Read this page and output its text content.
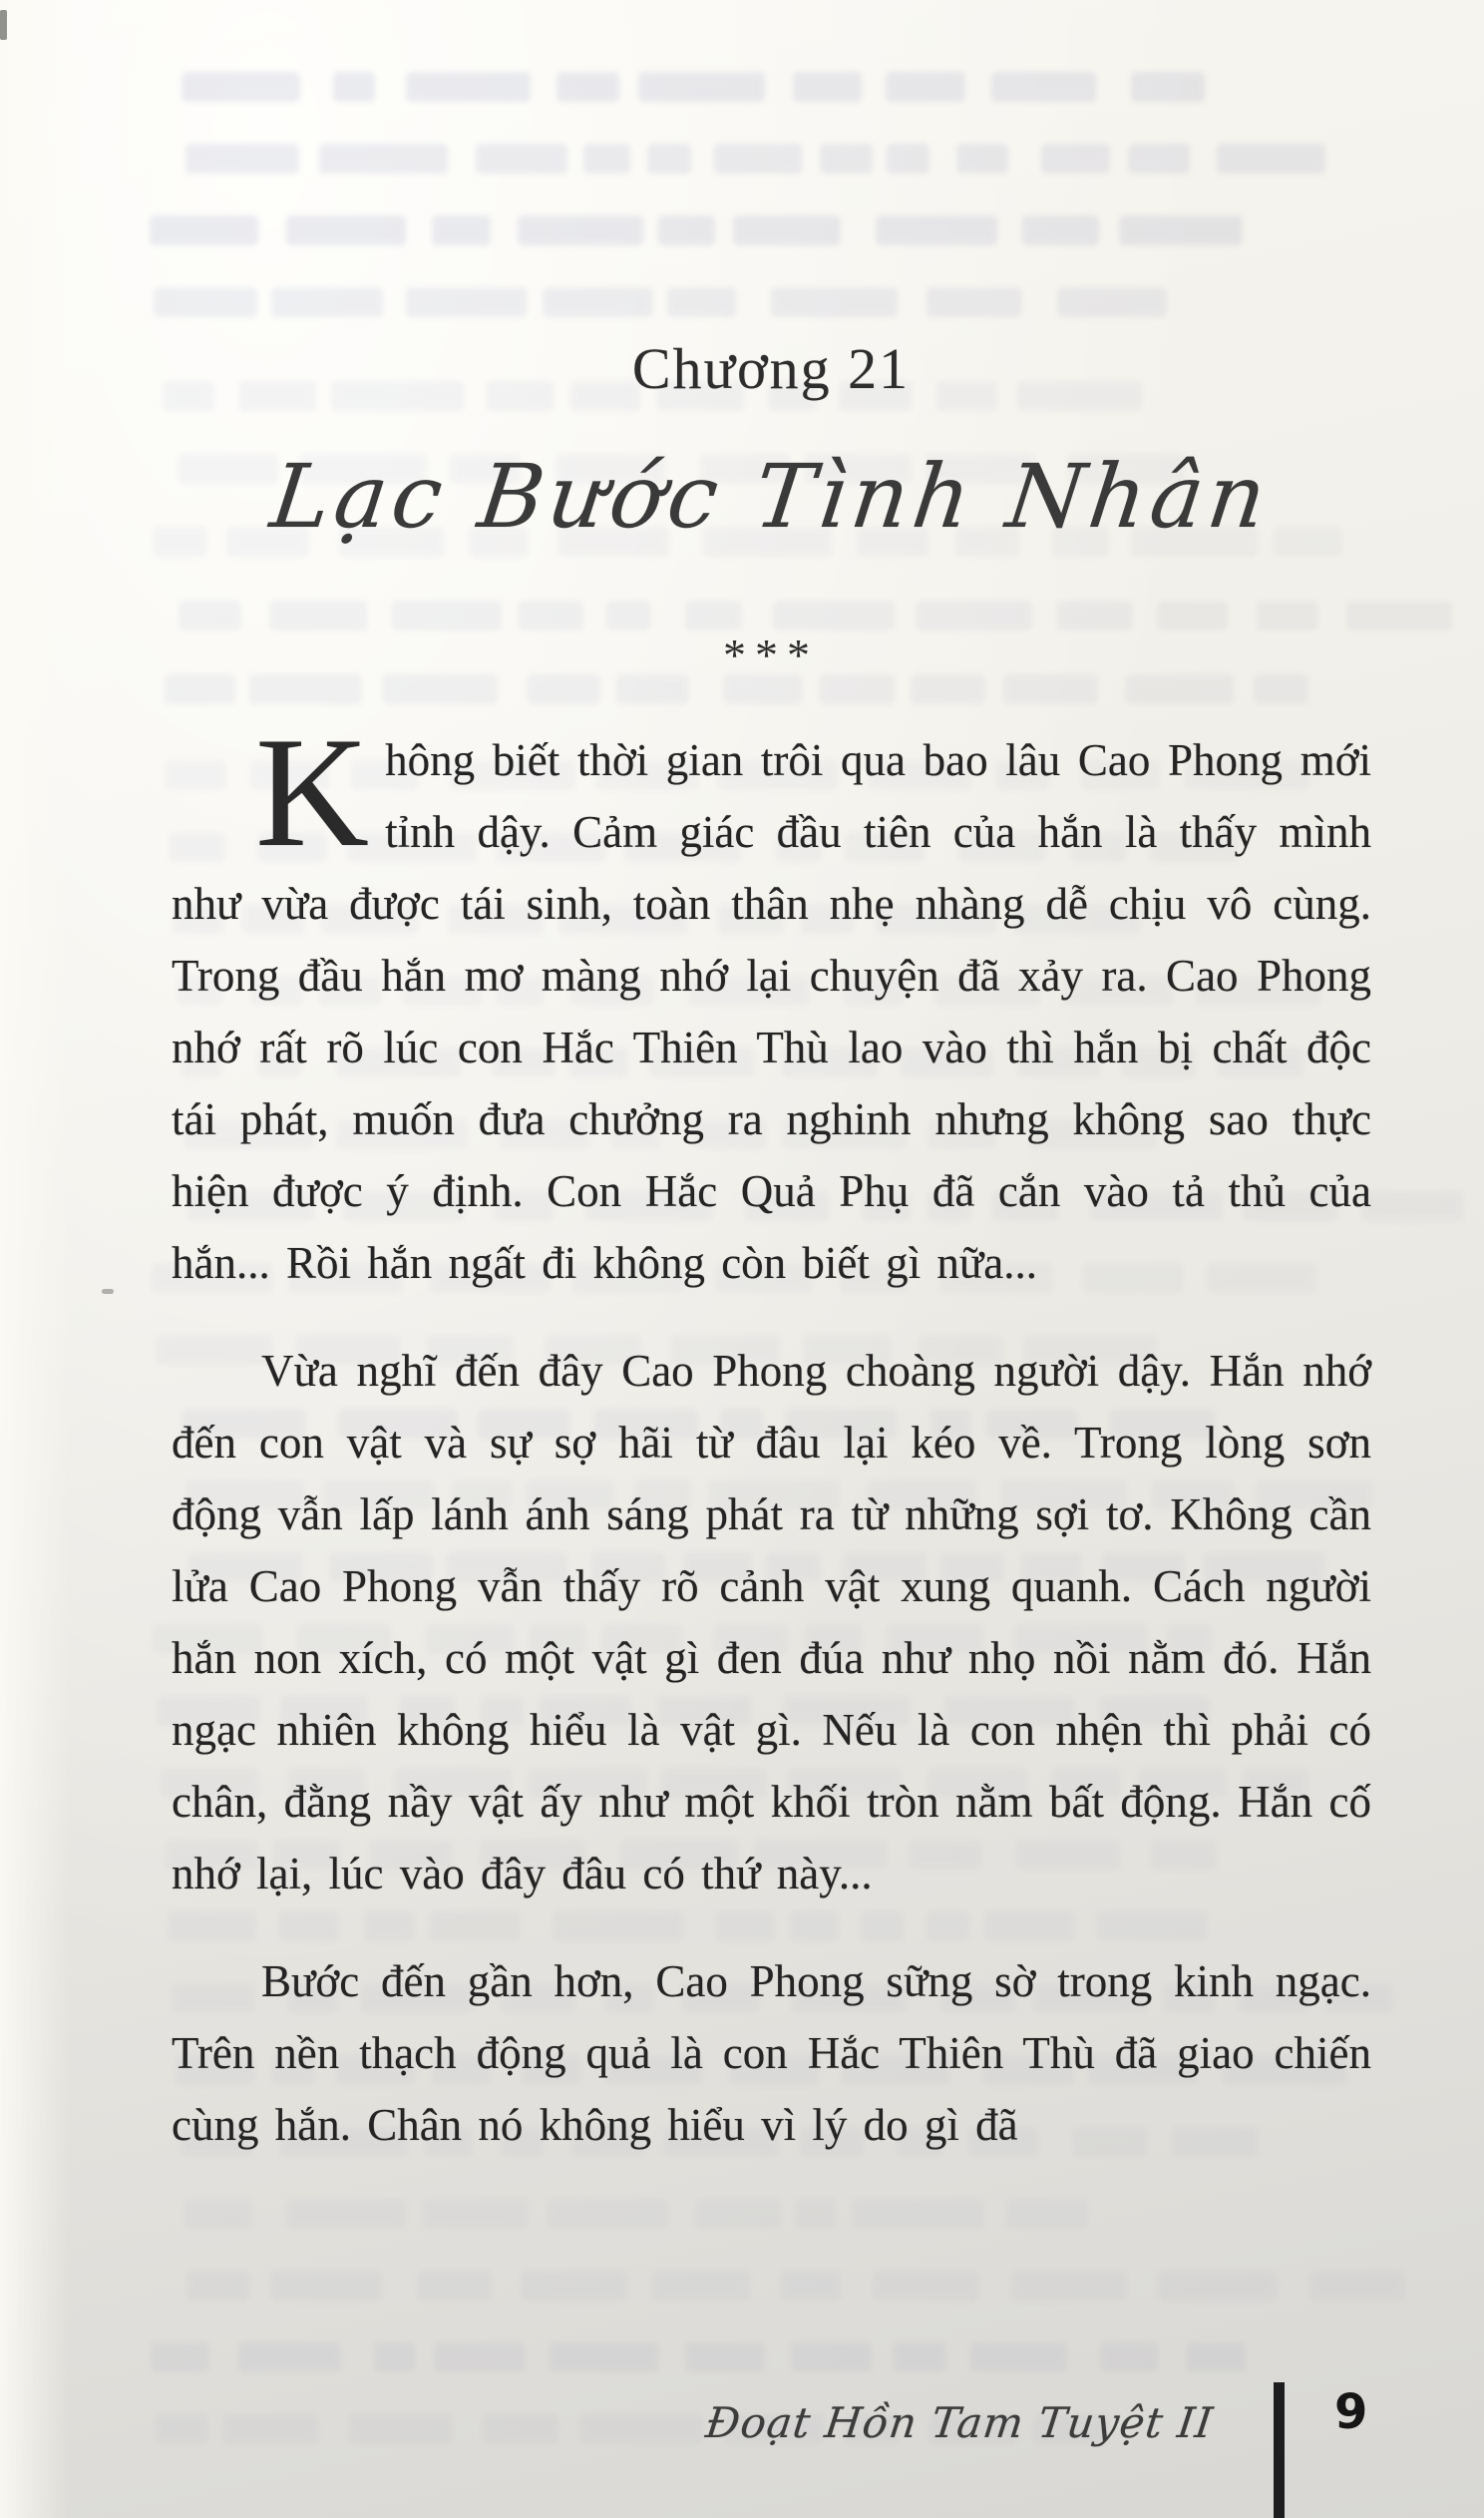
Chương 21
Lạc Bước Tình Nhân
***

Không biết thời gian trôi qua bao lâu Cao Phong mới tỉnh dậy. Cảm giác đầu tiên của hắn là thấy mình như vừa được tái sinh, toàn thân nhẹ nhàng dễ chịu vô cùng. Trong đầu hắn mơ màng nhớ lại chuyện đã xảy ra. Cao Phong nhớ rất rõ lúc con Hắc Thiên Thù lao vào thì hắn bị chất độc tái phát, muốn đưa chưởng ra nghinh nhưng không sao thực hiện được ý định. Con Hắc Quả Phụ đã cắn vào tả thủ của hắn... Rồi hắn ngất đi không còn biết gì nữa...

Vừa nghĩ đến đây Cao Phong choàng người dậy. Hắn nhớ đến con vật và sự sợ hãi từ đâu lại kéo về. Trong lòng sơn động vẫn lấp lánh ánh sáng phát ra từ những sợi tơ. Không cần lửa Cao Phong vẫn thấy rõ cảnh vật xung quanh. Cách người hắn non xích, có một vật gì đen đúa như nhọ nồi nằm đó. Hắn ngạc nhiên không hiểu là vật gì. Nếu là con nhện thì phải có chân, đằng nầy vật ấy như một khối tròn nằm bất động. Hắn cố nhớ lại, lúc vào đây đâu có thứ này...

Bước đến gần hơn, Cao Phong sững sờ trong kinh ngạc. Trên nền thạch động quả là con Hắc Thiên Thù đã giao chiến cùng hắn. Chân nó không hiểu vì lý do gì đã

Đoạt Hồn Tam Tuyệt II 9
